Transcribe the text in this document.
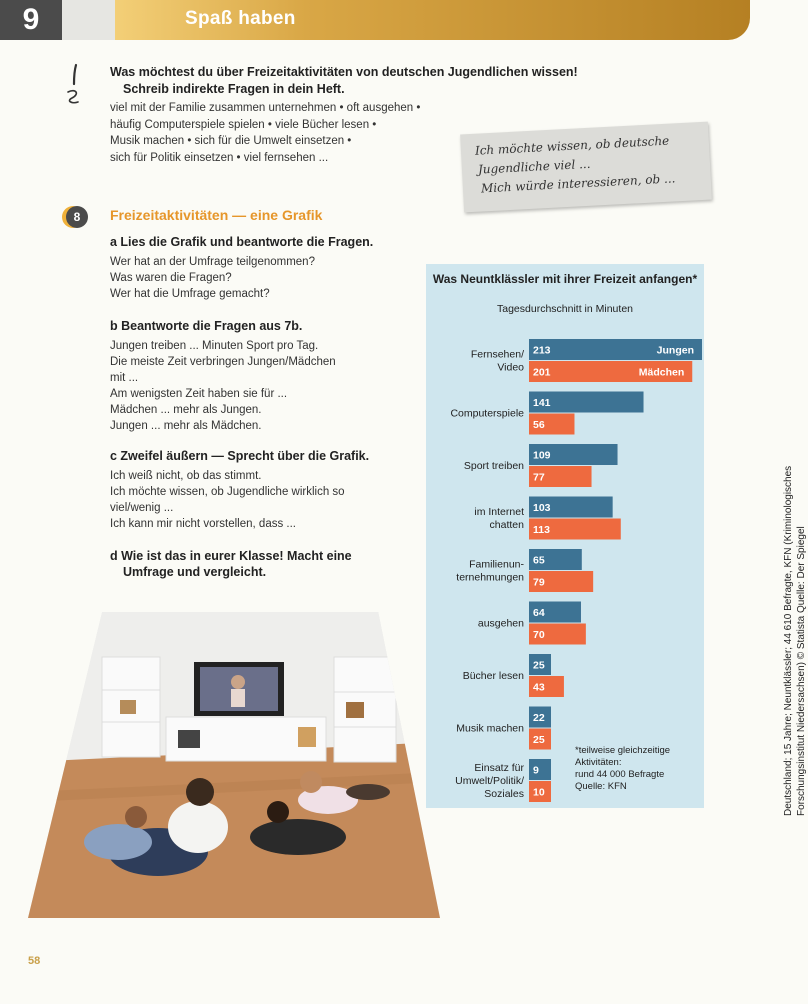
9	Spaß haben
Was möchtest du über Freizeitaktivitäten von deutschen Jugendlichen wissen!
Schreib indirekte Fragen in dein Heft.
viel mit der Familie zusammen unternehmen • oft ausgehen •
häufig Computerspiele spielen • viele Bücher lesen •
Musik machen • sich für die Umwelt einsetzen •
sich für Politik einsetzen • viel fernsehen ...	Ich möchte wissen, ob deutsche
Jugendliche viel ...
Mich würde interessieren, ob ...
8	Freizeitaktivitäten — eine Grafik
a Lies die Grafik und beantworte die Fragen.
Wer hat an der Umfrage teilgenommen?
Was waren die Fragen?
Wer hat die Umfrage gemacht?
b Beantworte die Fragen aus 7b.
Jungen treiben ... Minuten Sport pro Tag.
Die meiste Zeit verbringen Jungen/Mädchen
mit ...
Am wenigsten Zeit haben sie für ...
Mädchen ... mehr als Jungen.
Jungen ... mehr als Mädchen.
c Zweifel äußern — Sprecht über die Grafik.
Ich weiß nicht, ob das stimmt.
Ich möchte wissen, ob Jugendliche wirklich so
viel/wenig ...
Ich kann mir nicht vorstellen, dass ...
d Wie ist das in eurer Klasse! Macht eine
Umfrage und vergleicht.
Was Neuntklässler mit ihrer Freizeit anfangen*
Tagesdurchschnitt in Minuten
Fernsehen/
Video
213	Jungen
201	Mädchen
Computerspiele
141
56
Sport treiben
109
77
im Internet
chatten
103
113
Familienun-
ternehmungen
65
79
ausgehen
64
70
Bücher lesen
25
43
Musik machen
22
25
Einsatz für
Umwelt/Politik/
Soziales
9
10
*teilweise gleichzeitige
Aktivitäten:
rund 44 000 Befragte
Quelle: KFN	Deutschland; 15 Jahre; Neuntklässler; 44 610 Befragte, KFN (Kriminologisches Forschungsinstitut Niedersachsen) © Statista Quelle: Der Spiegel
58
